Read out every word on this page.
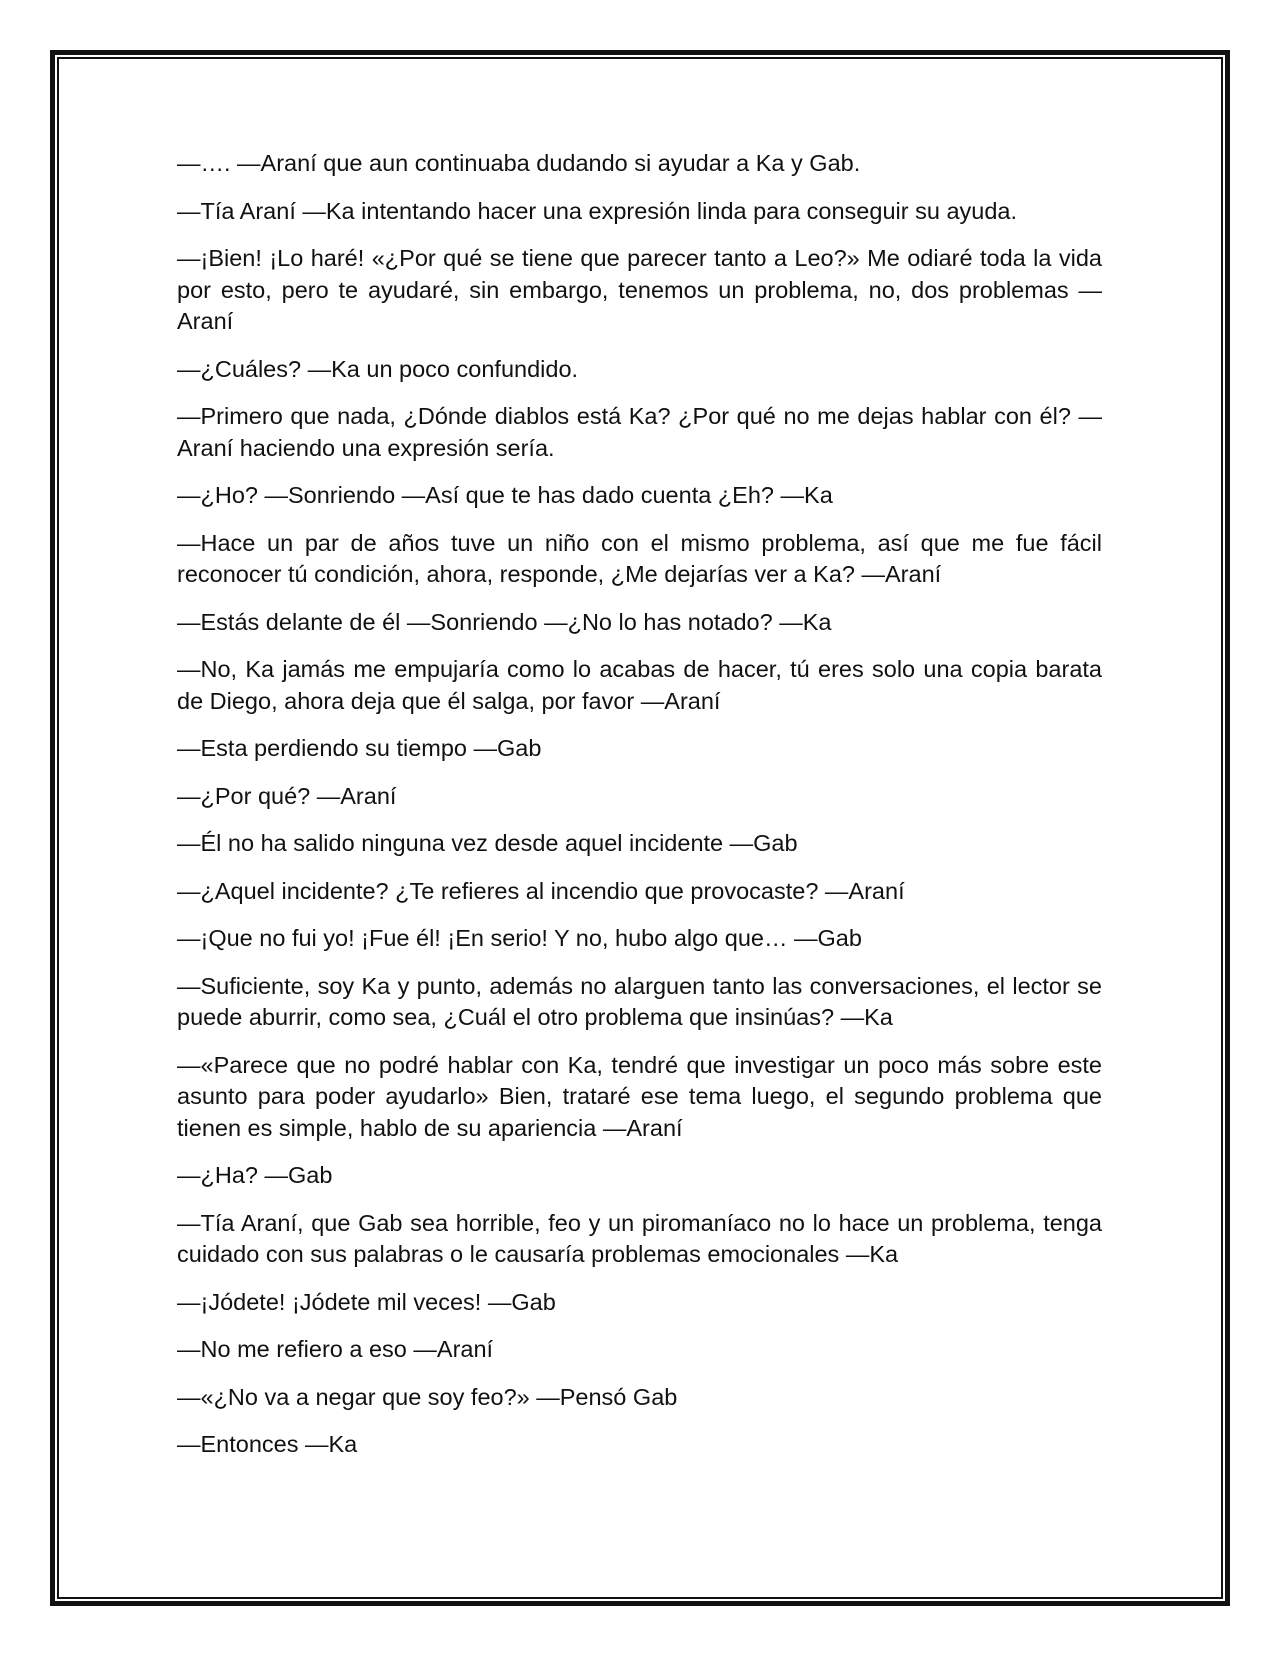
—…. —Araní que aun continuaba dudando si ayudar a Ka y Gab.

—Tía Araní —Ka intentando hacer una expresión linda para conseguir su ayuda.

—¡Bien! ¡Lo haré! «¿Por qué se tiene que parecer tanto a Leo?» Me odiaré toda la vida por esto, pero te ayudaré, sin embargo, tenemos un problema, no, dos problemas —Araní

—¿Cuáles? —Ka un poco confundido.

—Primero que nada, ¿Dónde diablos está Ka? ¿Por qué no me dejas hablar con él? —Araní haciendo una expresión sería.

—¿Ho? —Sonriendo —Así que te has dado cuenta ¿Eh? —Ka

—Hace un par de años tuve un niño con el mismo problema, así que me fue fácil reconocer tú condición, ahora, responde, ¿Me dejarías ver a Ka? —Araní

—Estás delante de él —Sonriendo —¿No lo has notado? —Ka

—No, Ka jamás me empujaría como lo acabas de hacer, tú eres solo una copia barata de Diego, ahora deja que él salga, por favor —Araní

—Esta perdiendo su tiempo —Gab

—¿Por qué? —Araní

—Él no ha salido ninguna vez desde aquel incidente —Gab

—¿Aquel incidente? ¿Te refieres al incendio que provocaste? —Araní

—¡Que no fui yo! ¡Fue él! ¡En serio! Y no, hubo algo que… —Gab

—Suficiente, soy Ka y punto, además no alarguen tanto las conversaciones, el lector se puede aburrir, como sea, ¿Cuál el otro problema que insinúas? —Ka

—«Parece que no podré hablar con Ka, tendré que investigar un poco más sobre este asunto para poder ayudarlo» Bien, trataré ese tema luego, el segundo problema que tienen es simple, hablo de su apariencia —Araní

—¿Ha? —Gab

—Tía Araní, que Gab sea horrible, feo y un piromaníaco no lo hace un problema, tenga cuidado con sus palabras o le causaría problemas emocionales —Ka

—¡Jódete! ¡Jódete mil veces! —Gab

—No me refiero a eso —Araní

—«¿No va a negar que soy feo?» —Pensó Gab

—Entonces —Ka
